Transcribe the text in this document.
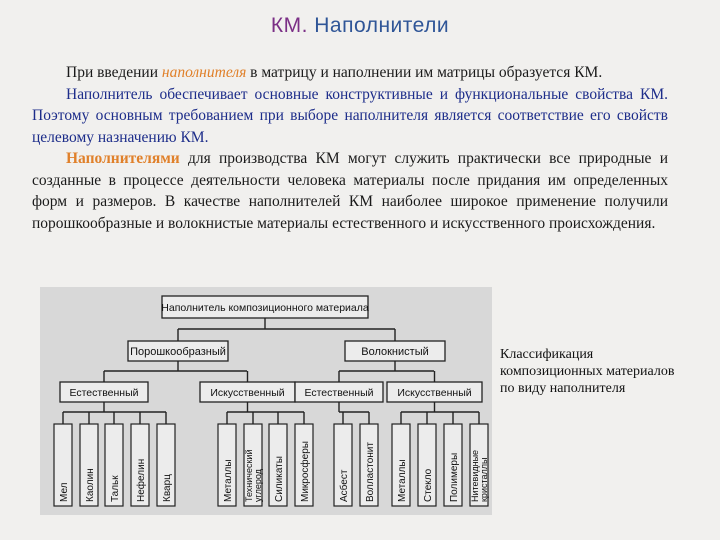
КМ. Наполнители

При введении наполнителя в матрицу и наполнении им матрицы образуется КМ.

Наполнитель обеспечивает основные конструктивные и функциональные свойства КМ. Поэтому основным требованием при выборе наполнителя является соответствие его свойств целевому назначению КМ.

Наполнителями для производства КМ могут служить практически все природные и созданные в процессе деятельности человека материалы после придания им определенных форм и размеров. В качестве наполнителей КМ наиболее широкое применение получили порошкообразные и волокнистые материалы естественного и искусственного происхождения.

Наполнитель композиционного материала
Порошкообразный
Естественный	Искусственный
Волокнистый
Естественный Искусственный
Мел Каолин Тальк Нефелин Кварц	Металлы Технический углерод Силикаты Микросферы	Асбест Волластонит Металлы Стекло Полимеры Нитевидные кристаллы
Классификация композиционных материалов по виду наполнителя
